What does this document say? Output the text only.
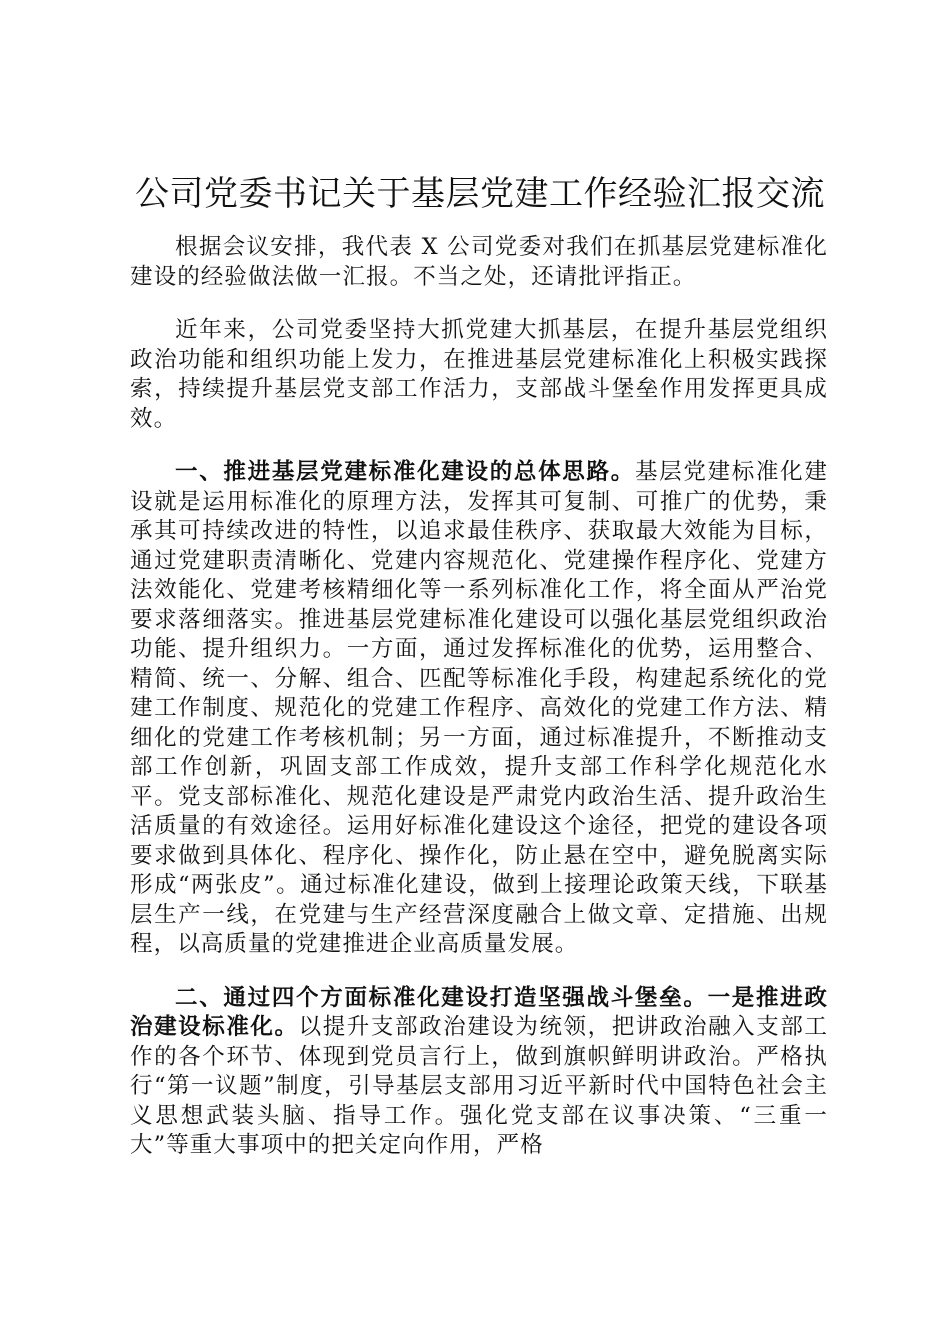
公司党委书记关于基层党建工作经验汇报交流

根据会议安排，我代表 X 公司党委对我们在抓基层党建标准化建设的经验做法做一汇报。不当之处，还请批评指正。

近年来，公司党委坚持大抓党建大抓基层，在提升基层党组织政治功能和组织功能上发力，在推进基层党建标准化上积极实践探索，持续提升基层党支部工作活力，支部战斗堡垒作用发挥更具成效。

一、推进基层党建标准化建设的总体思路。基层党建标准化建设就是运用标准化的原理方法，发挥其可复制、可推广的优势，秉承其可持续改进的特性，以追求最佳秩序、获取最大效能为目标，通过党建职责清晰化、党建内容规范化、党建操作程序化、党建方法效能化、党建考核精细化等一系列标准化工作，将全面从严治党要求落细落实。推进基层党建标准化建设可以强化基层党组织政治功能、提升组织力。一方面，通过发挥标准化的优势，运用整合、精简、统一、分解、组合、匹配等标准化手段，构建起系统化的党建工作制度、规范化的党建工作程序、高效化的党建工作方法、精细化的党建工作考核机制；另一方面，通过标准提升，不断推动支部工作创新，巩固支部工作成效，提升支部工作科学化规范化水平。党支部标准化、规范化建设是严肃党内政治生活、提升政治生活质量的有效途径。运用好标准化建设这个途径，把党的建设各项要求做到具体化、程序化、操作化，防止悬在空中，避免脱离实际形成“两张皮”。通过标准化建设，做到上接理论政策天线，下联基层生产一线，在党建与生产经营深度融合上做文章、定措施、出规程，以高质量的党建推进企业高质量发展。

二、通过四个方面标准化建设打造坚强战斗堡垒。一是推进政治建设标准化。以提升支部政治建设为统领，把讲政治融入支部工作的各个环节、体现到党员言行上，做到旗帜鲜明讲政治。严格执行“第一议题”制度，引导基层支部用习近平新时代中国特色社会主义思想武装头脑、指导工作。强化党支部在议事决策、“三重一大”等重大事项中的把关定向作用，严格
